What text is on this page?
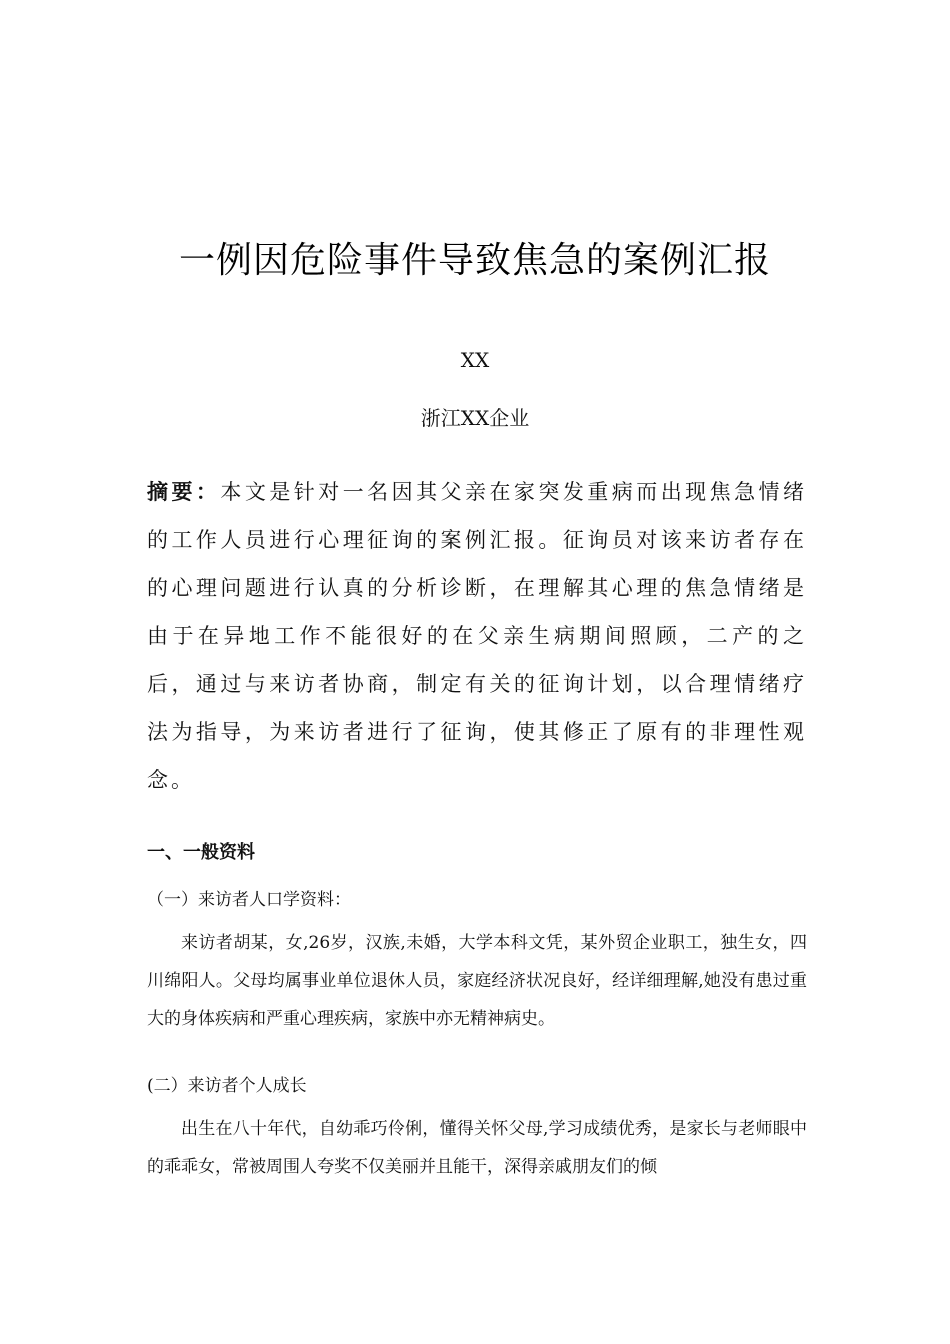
一例因危险事件导致焦急的案例汇报
XX
浙江XX企业
摘要：本文是针对一名因其父亲在家突发重病而出现焦急情绪的工作人员进行心理征询的案例汇报。征询员对该来访者存在的心理问题进行认真的分析诊断，在理解其心理的焦急情绪是由于在异地工作不能很好的在父亲生病期间照顾，二产的之后，通过与来访者协商，制定有关的征询计划，以合理情绪疗法为指导，为来访者进行了征询，使其修正了原有的非理性观念。
一、一般资料
（一）来访者人口学资料：
来访者胡某，女,26岁，汉族,未婚，大学本科文凭，某外贸企业职工，独生女，四川绵阳人。父母均属事业单位退休人员，家庭经济状况良好，经详细理解,她没有患过重大的身体疾病和严重心理疾病，家族中亦无精神病史。
(二）来访者个人成长
出生在八十年代，自幼乖巧伶俐，懂得关怀父母,学习成绩优秀，是家长与老师眼中的乖乖女，常被周围人夸奖不仅美丽并且能干，深得亲戚朋友们的倾
